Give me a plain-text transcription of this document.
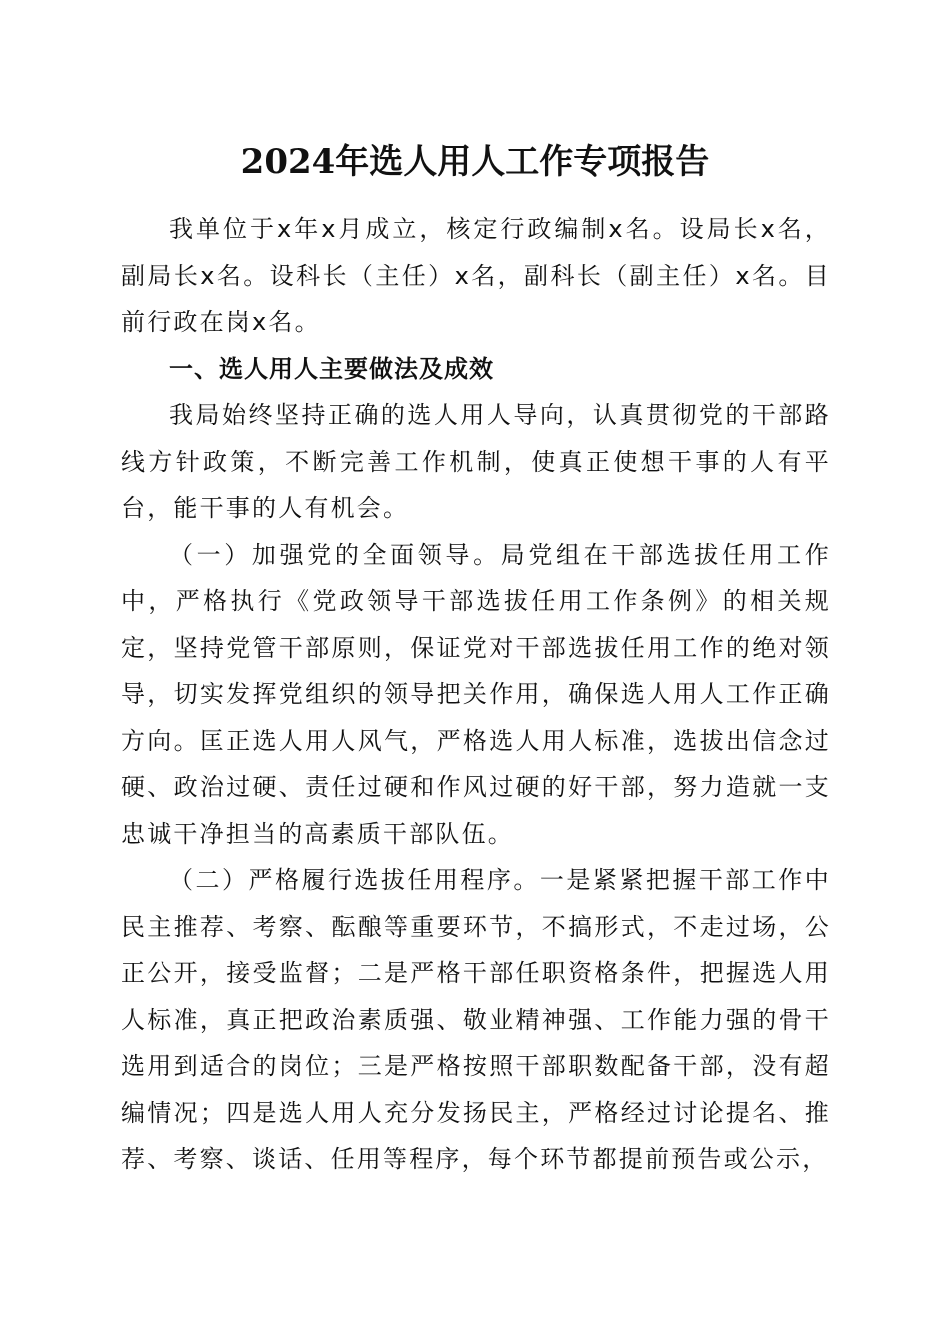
2024年选人用人工作专项报告

我单位于x年x月成立，核定行政编制x名。设局长x名，副局长x名。设科长（主任）x名，副科长（副主任）x名。目前行政在岗x名。

一、选人用人主要做法及成效

我局始终坚持正确的选人用人导向，认真贯彻党的干部路线方针政策，不断完善工作机制，使真正使想干事的人有平台，能干事的人有机会。

（一）加强党的全面领导。局党组在干部选拔任用工作中，严格执行《党政领导干部选拔任用工作条例》的相关规定，坚持党管干部原则，保证党对干部选拔任用工作的绝对领导，切实发挥党组织的领导把关作用，确保选人用人工作正确方向。匡正选人用人风气，严格选人用人标准，选拔出信念过硬、政治过硬、责任过硬和作风过硬的好干部，努力造就一支忠诚干净担当的高素质干部队伍。

（二）严格履行选拔任用程序。一是紧紧把握干部工作中民主推荐、考察、酝酿等重要环节，不搞形式，不走过场，公正公开，接受监督；二是严格干部任职资格条件，把握选人用人标准，真正把政治素质强、敬业精神强、工作能力强的骨干选用到适合的岗位；三是严格按照干部职数配备干部，没有超编情况；四是选人用人充分发扬民主，严格经过讨论提名、推荐、考察、谈话、任用等程序，每个环节都提前预告或公示，
